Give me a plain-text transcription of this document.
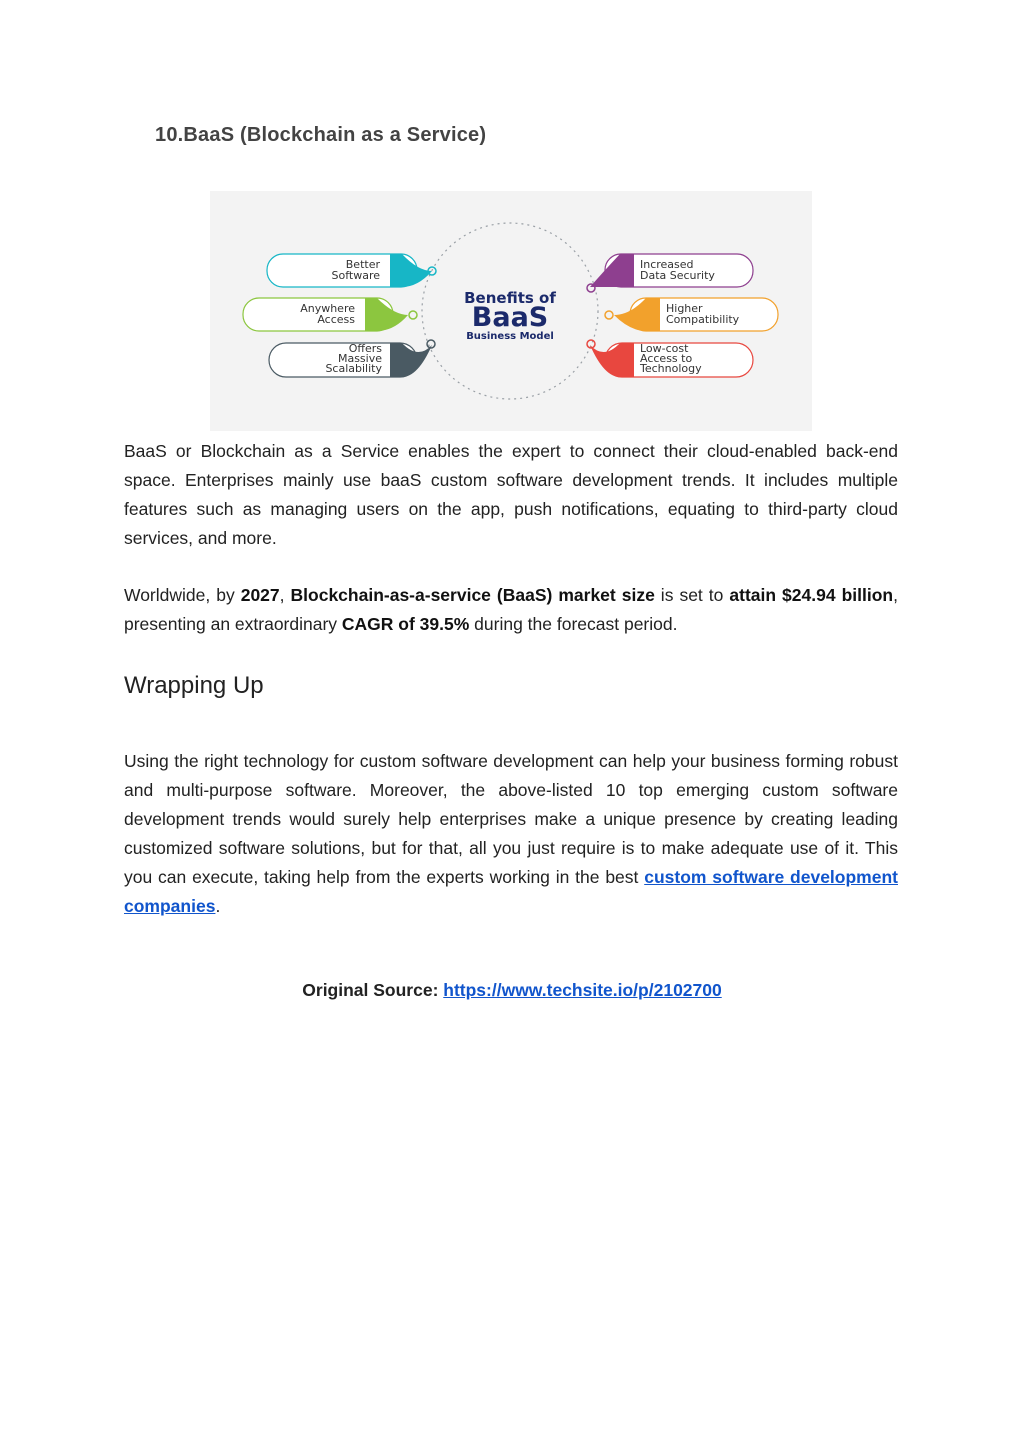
10.BaaS (Blockchain as a Service)
Benefits of
BaaS
Business Model
Better
Software
Anywhere
Access
Offers
Massive
Scalability
Increased
Data Security
Higher
Compatibility
Low-cost
Access to
Technology

BaaS or Blockchain as a Service enables the expert to connect their cloud-enabled back-end space. Enterprises mainly use baaS custom software development trends. It includes multiple features such as managing users on the app, push notifications, equating to third-party cloud services, and more.

Worldwide, by 2027, Blockchain-as-a-service (BaaS) market size is set to attain $24.94 billion, presenting an extraordinary CAGR of 39.5% during the forecast period.

Wrapping Up

Using the right technology for custom software development can help your business forming robust and multi-purpose software. Moreover, the above-listed 10 top emerging custom software development trends would surely help enterprises make a unique presence by creating leading customized software solutions, but for that, all you just require is to make adequate use of it. This you can execute, taking help from the experts working in the best custom software development companies.

Original Source: https://www.techsite.io/p/2102700
